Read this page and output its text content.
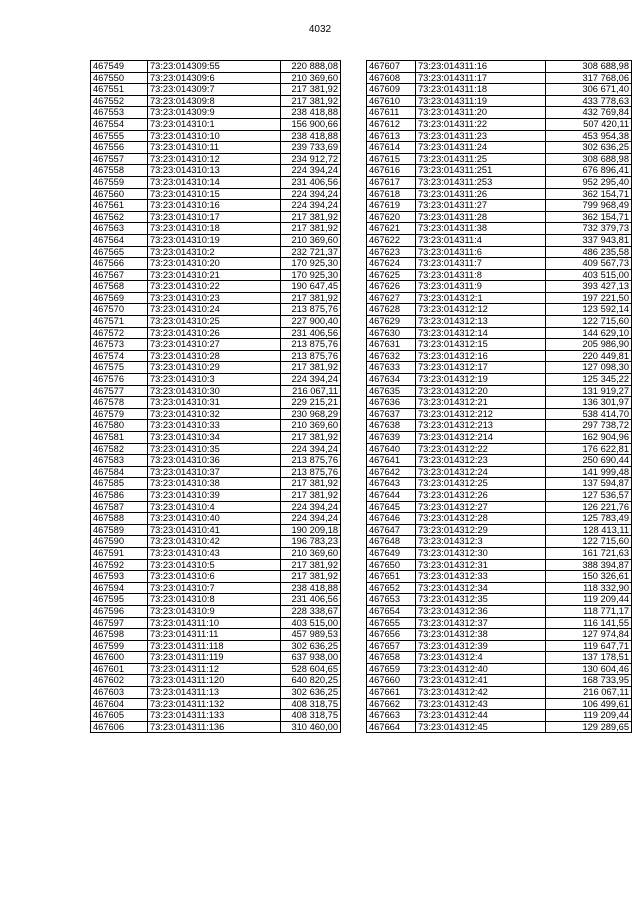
4032
467549	73:23:014309:55	220 888,08
467550	73:23:014309:6	210 369,60
467551	73:23:014309:7	217 381,92
467552	73:23:014309:8	217 381,92
467553	73:23:014309:9	238 418,88
467554	73:23:014310:1	156 900,66
467555	73:23:014310:10	238 418,88
467556	73:23:014310:11	239 733,69
467557	73:23:014310:12	234 912,72
467558	73:23:014310:13	224 394,24
467559	73:23:014310:14	231 406,56
467560	73:23:014310:15	224 394,24
467561	73:23:014310:16	224 394,24
467562	73:23:014310:17	217 381,92
467563	73:23:014310:18	217 381,92
467564	73:23:014310:19	210 369,60
467565	73:23:014310:2	232 721,37
467566	73:23:014310:20	170 925,30
467567	73:23:014310:21	170 925,30
467568	73:23:014310:22	190 647,45
467569	73:23:014310:23	217 381,92
467570	73:23:014310:24	213 875,76
467571	73:23:014310:25	227 900,40
467572	73:23:014310:26	231 406,56
467573	73:23:014310:27	213 875,76
467574	73:23:014310:28	213 875,76
467575	73:23:014310:29	217 381,92
467576	73:23:014310:3	224 394,24
467577	73:23:014310:30	216 067,11
467578	73:23:014310:31	229 215,21
467579	73:23:014310:32	230 968,29
467580	73:23:014310:33	210 369,60
467581	73:23:014310:34	217 381,92
467582	73:23:014310:35	224 394,24
467583	73:23:014310:36	213 875,76
467584	73:23:014310:37	213 875,76
467585	73:23:014310:38	217 381,92
467586	73:23:014310:39	217 381,92
467587	73:23:014310:4	224 394,24
467588	73:23:014310:40	224 394,24
467589	73:23:014310:41	190 209,18
467590	73:23:014310:42	196 783,23
467591	73:23:014310:43	210 369,60
467592	73:23:014310:5	217 381,92
467593	73:23:014310:6	217 381,92
467594	73:23:014310:7	238 418,88
467595	73:23:014310:8	231 406,56
467596	73:23:014310:9	228 338,67
467597	73:23:014311:10	403 515,00
467598	73:23:014311:11	457 989,53
467599	73:23:014311:118	302 636,25
467600	73:23:014311:119	637 938,00
467601	73:23:014311:12	528 604,65
467602	73:23:014311:120	640 820,25
467603	73:23:014311:13	302 636,25
467604	73:23:014311:132	408 318,75
467605	73:23:014311:133	408 318,75
467606	73:23:014311:136	310 460,00
467607	73:23:014311:16	308 688,98
467608	73:23:014311:17	317 768,06
467609	73:23:014311:18	306 671,40
467610	73:23:014311:19	433 778,63
467611	73:23:014311:20	432 769,84
467612	73:23:014311:22	507 420,11
467613	73:23:014311:23	453 954,38
467614	73:23:014311:24	302 636,25
467615	73:23:014311:25	308 688,98
467616	73:23:014311:251	676 896,41
467617	73:23:014311:253	952 295,40
467618	73:23:014311:26	362 154,71
467619	73:23:014311:27	799 968,49
467620	73:23:014311:28	362 154,71
467621	73:23:014311:38	732 379,73
467622	73:23:014311:4	337 943,81
467623	73:23:014311:6	486 235,58
467624	73:23:014311:7	409 567,73
467625	73:23:014311:8	403 515,00
467626	73:23:014311:9	393 427,13
467627	73:23:014312:1	197 221,50
467628	73:23:014312:12	123 592,14
467629	73:23:014312:13	122 715,60
467630	73:23:014312:14	144 629,10
467631	73:23:014312:15	205 986,90
467632	73:23:014312:16	220 449,81
467633	73:23:014312:17	127 098,30
467634	73:23:014312:19	125 345,22
467635	73:23:014312:20	131 919,27
467636	73:23:014312:21	136 301,97
467637	73:23:014312:212	538 414,70
467638	73:23:014312:213	297 738,72
467639	73:23:014312:214	162 904,96
467640	73:23:014312:22	176 622,81
467641	73:23:014312:23	250 690,44
467642	73:23:014312:24	141 999,48
467643	73:23:014312:25	137 594,87
467644	73:23:014312:26	127 536,57
467645	73:23:014312:27	126 221,76
467646	73:23:014312:28	125 783,49
467647	73:23:014312:29	128 413,11
467648	73:23:014312:3	122 715,60
467649	73:23:014312:30	161 721,63
467650	73:23:014312:31	388 394,87
467651	73:23:014312:33	150 326,61
467652	73:23:014312:34	118 332,90
467653	73:23:014312:35	119 209,44
467654	73:23:014312:36	118 771,17
467655	73:23:014312:37	116 141,55
467656	73:23:014312:38	127 974,84
467657	73:23:014312:39	119 647,71
467658	73:23:014312:4	137 178,51
467659	73:23:014312:40	130 604,46
467660	73:23:014312:41	168 733,95
467661	73:23:014312:42	216 067,11
467662	73:23:014312:43	106 499,61
467663	73:23:014312:44	119 209,44
467664	73:23:014312:45	129 289,65
